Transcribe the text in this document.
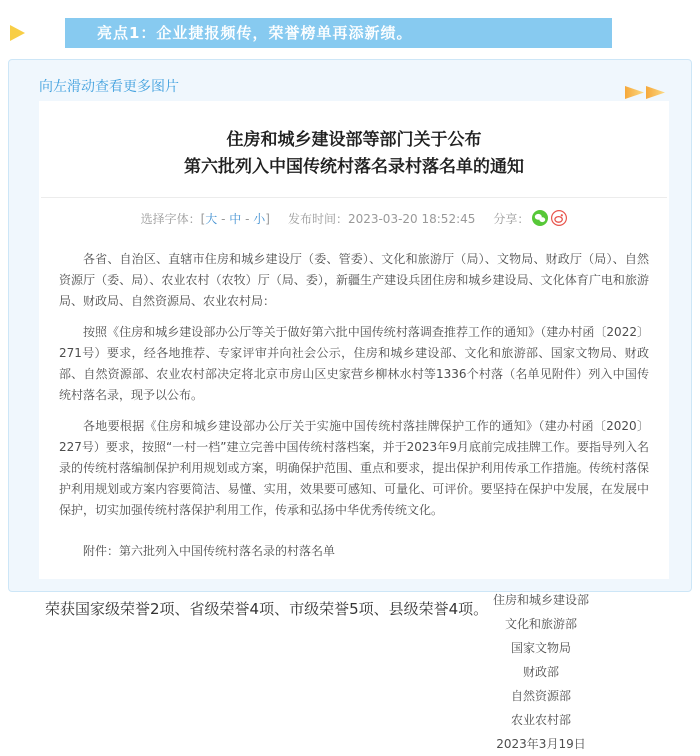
亮点1：企业捷报频传，荣誉榜单再添新绩。
向左滑动查看更多图片
住房和城乡建设部等部门关于公布
第六批列入中国传统村落名录村落名单的通知
选择字体：[大 - 中 - 小] 发布时间：2023-03-20 18:52:45 分享：

各省、自治区、直辖市住房和城乡建设厅（委、管委）、文化和旅游厅（局）、文物局、财政厅（局）、自然资源厅（委、局）、农业农村（农牧）厅（局、委），新疆生产建设兵团住房和城乡建设局、文化体育广电和旅游局、财政局、自然资源局、农业农村局：

按照《住房和城乡建设部办公厅等关于做好第六批中国传统村落调查推荐工作的通知》（建办村函〔2022〕271号）要求，经各地推荐、专家评审并向社会公示，住房和城乡建设部、文化和旅游部、国家文物局、财政部、自然资源部、农业农村部决定将北京市房山区史家营乡柳林水村等1336个村落（名单见附件）列入中国传统村落名录，现予以公布。

各地要根据《住房和城乡建设部办公厅关于实施中国传统村落挂牌保护工作的通知》（建办村函〔2020〕227号）要求，按照“一村一档”建立完善中国传统村落档案，并于2023年9月底前完成挂牌工作。要指导列入名录的传统村落编制保护利用规划或方案，明确保护范围、重点和要求，提出保护利用传承工作措施。传统村落保护利用规划或方案内容要简洁、易懂、实用，效果要可感知、可量化、可评价。要坚持在保护中发展，在发展中保护，切实加强传统村落保护利用工作，传承和弘扬中华优秀传统文化。

附件：第六批列入中国传统村落名录的村落名单
住房和城乡建设部
文化和旅游部
国家文物局
财政部
自然资源部
农业农村部
2023年3月19日
荣获国家级荣誉2项、省级荣誉4项、市级荣誉5项、县级荣誉4项。
